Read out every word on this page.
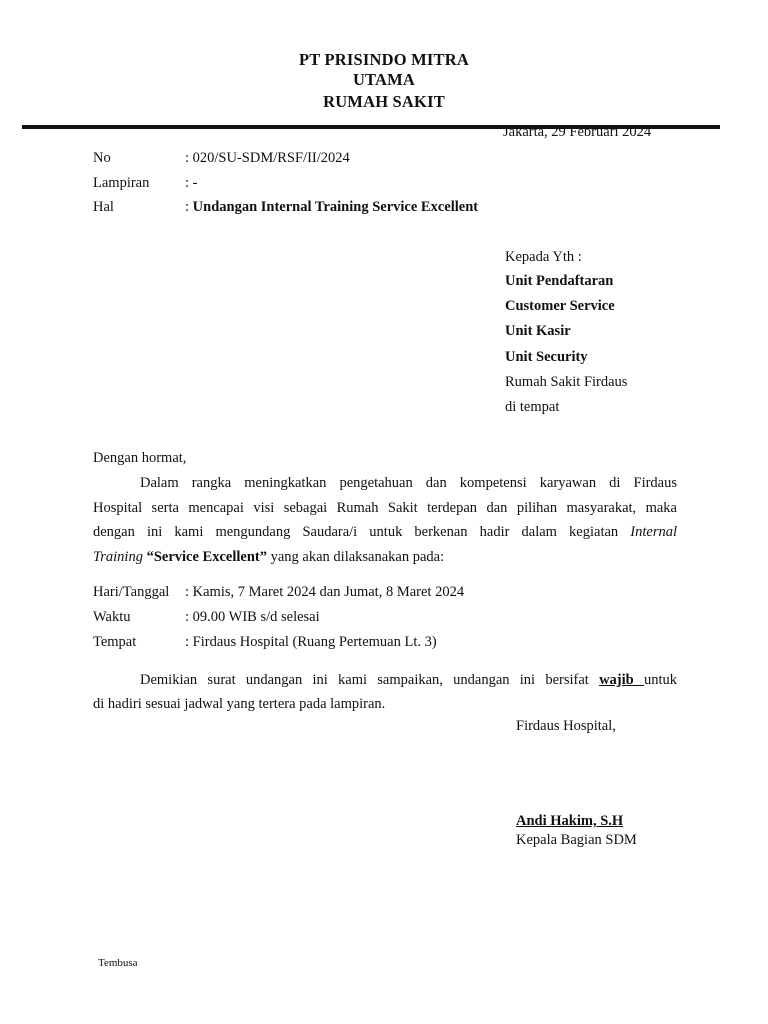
PT PRISINDO MITRA
UTAMA
RUMAH SAKIT
Jakarta, 29 Februari 2024
No	: 020/SU-SDM/RSF/II/2024
Lampiran : -
Hal	: Undangan Internal Training Service Excellent
Kepada Yth :
Unit Pendaftaran
Customer Service
Unit Kasir
Unit Security
Rumah Sakit Firdaus
di tempat
Dengan hormat,
Dalam rangka meningkatkan pengetahuan dan kompetensi karyawan di Firdaus
Hospital serta mencapai visi sebagai Rumah Sakit terdepan dan pilihan masyarakat, maka
dengan ini kami mengundang Saudara/i untuk berkenan hadir dalam kegiatan Internal
Training “Service Excellent” yang akan dilaksanakan pada:
Hari/Tanggal : Kamis, 7 Maret 2024 dan Jumat, 8 Maret 2024
Waktu	: 09.00 WIB s/d selesai
Tempat	: Firdaus Hospital (Ruang Pertemuan Lt. 3)
Demikian surat undangan ini kami sampaikan, undangan ini bersifat wajib untuk
di hadiri sesuai jadwal yang tertera pada lampiran.
Firdaus Hospital,
Andi Hakim, S.H
Kepala Bagian SDM
Tembusa
